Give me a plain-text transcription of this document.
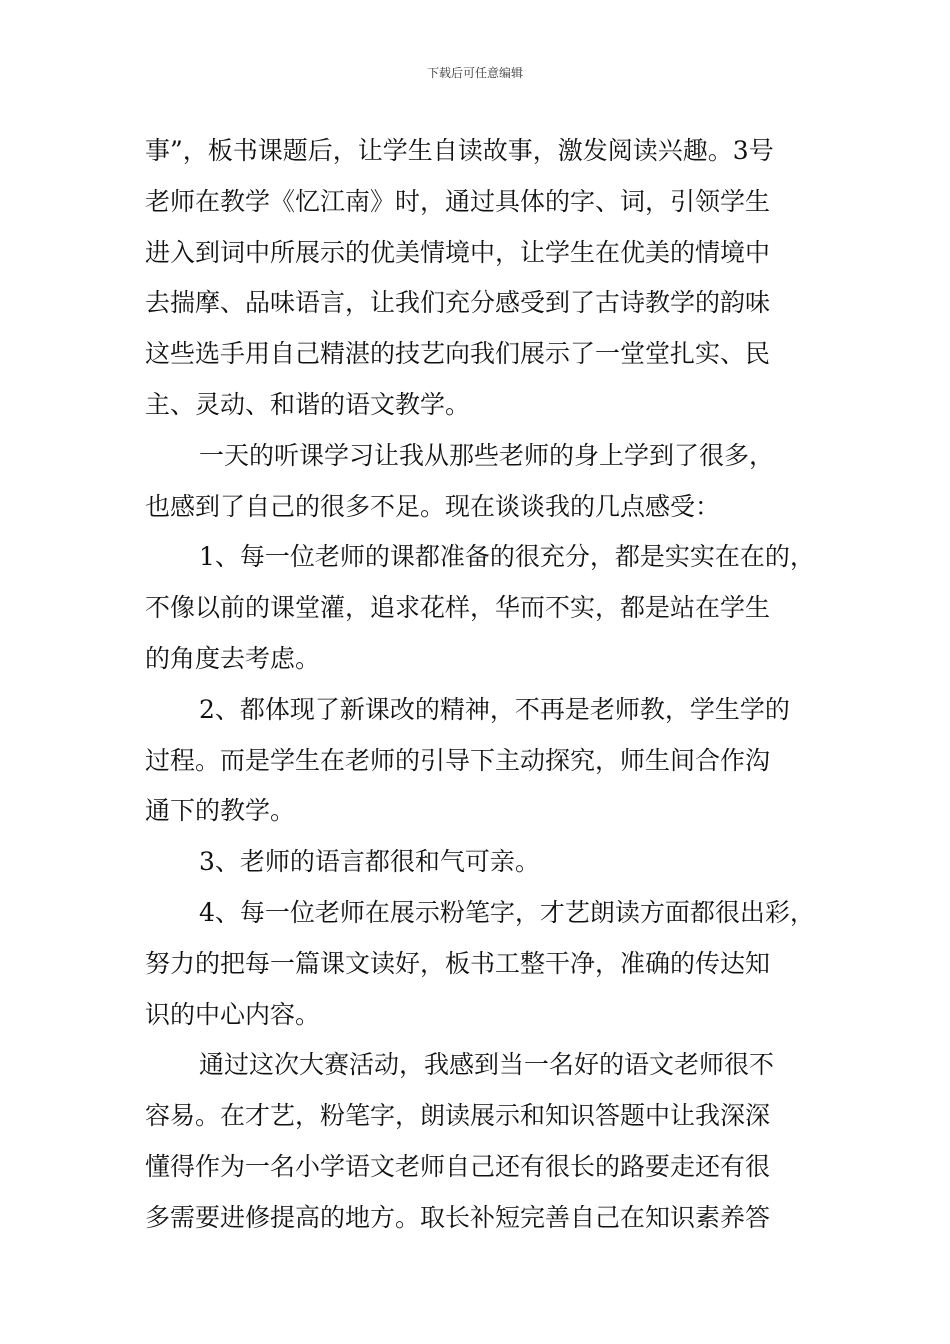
下载后可任意编辑
事”，板书课题后，让学生自读故事，激发阅读兴趣。3号
老师在教学《忆江南》时，通过具体的字、词，引领学生
进入到词中所展示的优美情境中，让学生在优美的情境中
去揣摩、品味语言，让我们充分感受到了古诗教学的韵味
这些选手用自己精湛的技艺向我们展示了一堂堂扎实、民
主、灵动、和谐的语文教学。
一天的听课学习让我从那些老师的身上学到了很多，
也感到了自己的很多不足。现在谈谈我的几点感受：
1、每一位老师的课都准备的很充分，都是实实在在的，
不像以前的课堂灌，追求花样，华而不实，都是站在学生
的角度去考虑。
2、都体现了新课改的精神，不再是老师教，学生学的
过程。而是学生在老师的引导下主动探究，师生间合作沟
通下的教学。
3、老师的语言都很和气可亲。
4、每一位老师在展示粉笔字，才艺朗读方面都很出彩，
努力的把每一篇课文读好，板书工整干净，准确的传达知
识的中心内容。
通过这次大赛活动，我感到当一名好的语文老师很不
容易。在才艺，粉笔字，朗读展示和知识答题中让我深深
懂得作为一名小学语文老师自己还有很长的路要走还有很
多需要进修提高的地方。取长补短完善自己在知识素养答
